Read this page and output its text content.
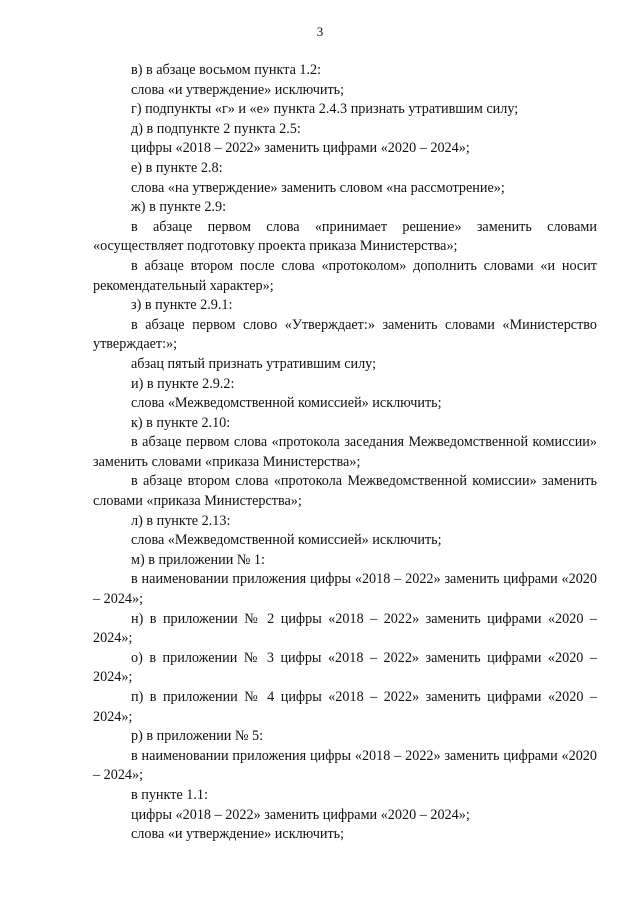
3

в) в абзаце восьмом пункта 1.2:

слова «и утверждение» исключить;

г) подпункты «г» и «е» пункта 2.4.3 признать утратившим силу;

д) в подпункте 2 пункта 2.5:

цифры «2018 – 2022» заменить цифрами «2020 – 2024»;

е) в пункте 2.8:

слова «на утверждение» заменить словом «на рассмотрение»;

ж) в пункте 2.9:

в абзаце первом слова «принимает решение» заменить словами «осуществляет подготовку проекта приказа Министерства»;

в абзаце втором после слова «протоколом» дополнить словами «и носит рекомендательный характер»;

з) в пункте 2.9.1:

в абзаце первом слово «Утверждает:» заменить словами «Министерство утверждает:»;

абзац пятый признать утратившим силу;

и) в пункте 2.9.2:

слова «Межведомственной комиссией» исключить;

к) в пункте 2.10:

в абзаце первом слова «протокола заседания Межведомственной комиссии» заменить словами «приказа Министерства»;

в абзаце втором слова «протокола Межведомственной комиссии» заменить словами «приказа Министерства»;

л) в пункте 2.13:

слова «Межведомственной комиссией» исключить;

м) в приложении № 1:

в наименовании приложения цифры «2018 – 2022» заменить цифрами «2020 – 2024»;

н) в приложении № 2 цифры «2018 – 2022» заменить цифрами «2020 – 2024»;

о) в приложении № 3 цифры «2018 – 2022» заменить цифрами «2020 – 2024»;

п) в приложении № 4 цифры «2018 – 2022» заменить цифрами «2020 – 2024»;

р) в приложении № 5:

в наименовании приложения цифры «2018 – 2022» заменить цифрами «2020 – 2024»;

в пункте 1.1:

цифры «2018 – 2022» заменить цифрами «2020 – 2024»;

слова «и утверждение» исключить;
